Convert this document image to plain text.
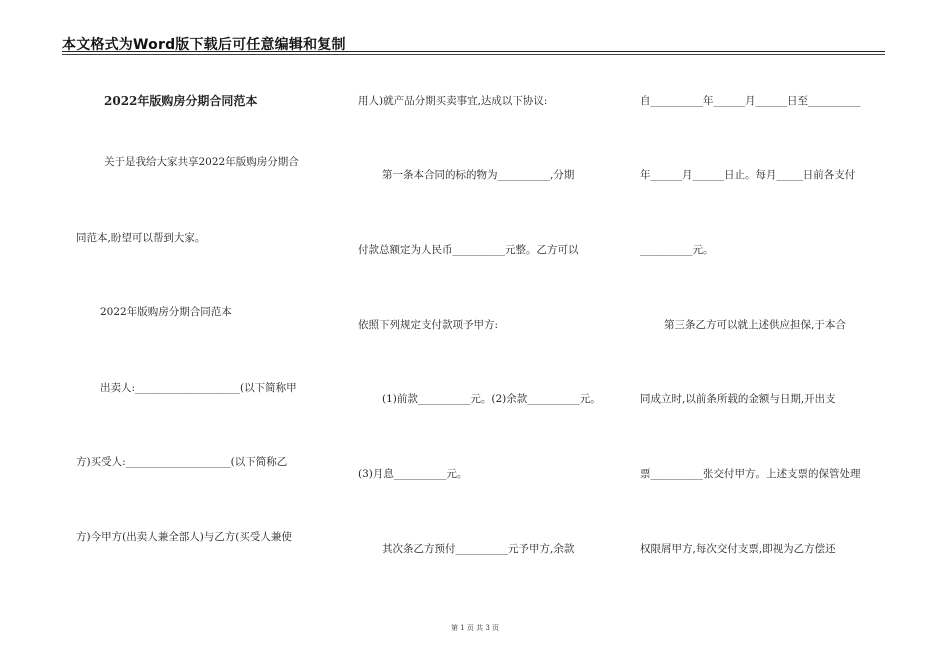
本文格式为Word版下载后可任意编辑和复制
2022年版购房分期合同范本
关于是我给大家共享2022年版购房分期合
同范本,盼望可以帮到大家。
2022年版购房分期合同范本
出卖人:____________________(以下简称甲
方)买受人:____________________(以下简称乙
方)今甲方(出卖人兼全部人)与乙方(买受人兼使
用人)就产品分期买卖事宜,达成以下协议:
第一条本合同的标的物为__________,分期
付款总额定为人民币__________元整。乙方可以
依照下列规定支付款项予甲方:
(1)前款__________元。(2)余款__________元。
(3)月息__________元。
其次条乙方预付__________元予甲方,余款
自__________年______月______日至__________
年______月______日止。每月_____日前各支付
__________元。
第三条乙方可以就上述供应担保,于本合
同成立时,以前条所载的金额与日期,开出支
票__________张交付甲方。上述支票的保管处理
权限屑甲方,每次交付支票,即视为乙方偿还
第 1 页 共 3 页
